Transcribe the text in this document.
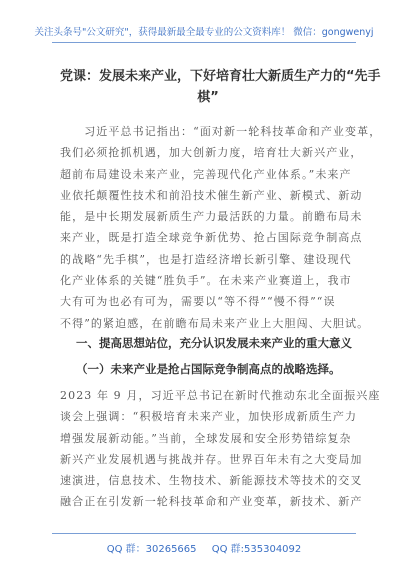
关注头条号"公文研究"，获得最新最全最专业的公文资料库！ 微信：gongwenyj
党课：发展未来产业，下好培育壮大新质生产力的“先手
棋”
　　习近平总书记指出：“面对新一轮科技革命和产业变革，
我们必须抢抓机遇，加大创新力度，培育壮大新兴产业，
超前布局建设未来产业，完善现代化产业体系。”未来产
业依托颠覆性技术和前沿技术催生新产业、新模式、新动
能，是中长期发展新质生产力最活跃的力量。前瞻布局未
来产业，既是打造全球竞争新优势、抢占国际竞争制高点
的战略“先手棋”，也是打造经济增长新引擎、建设现代
化产业体系的关键“胜负手”。在未来产业赛道上，我市
大有可为也必有可为，需要以“等不得”“慢不得”“误
不得”的紧迫感，在前瞻布局未来产业上大胆闯、大胆试。
一、提高思想站位，充分认识发展未来产业的重大意义
（一）未来产业是抢占国际竞争制高点的战略选择。
2023 年 9 月，习近平总书记在新时代推动东北全面振兴座
谈会上强调：“积极培育未来产业，加快形成新质生产力
增强发展新动能。”当前，全球发展和安全形势错综复杂
新兴产业发展机遇与挑战并存。世界百年未有之大变局加
速演进，信息技术、生物技术、新能源技术等技术的交叉
融合正在引发新一轮科技革命和产业变革，新技术、新产
QQ 群：30265665 QQ 群:535304092
